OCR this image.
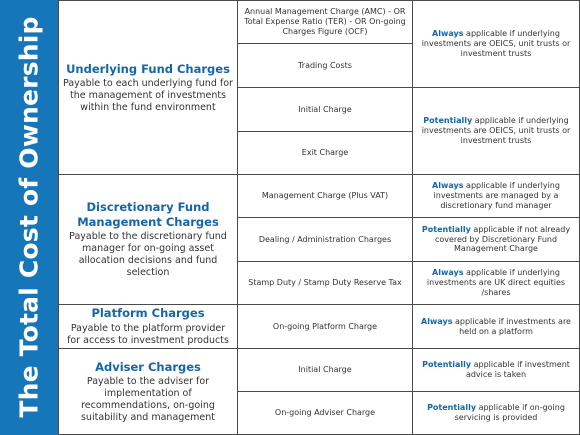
The Total Cost of Ownership Underlying Fund Charges
Payable to each underlying fund for the management of investments within the fund environment	Annual Management Charge (AMC) - OR Total Expense Ratio (TER) - OR On-going Charges Figure (OCF)	Always applicable if underlying investments are OEICS, unit trusts or investment trusts
	Trading Costs	
	Initial Charge	Potentially applicable if underlying investments are OEICS, unit trusts or investment trusts
	Exit Charge	

Discretionary Fund Management Charges
Payable to the discretionary fund manager for on-going asset allocation decisions and fund selection	Management Charge (Plus VAT)	Always applicable if underlying investments are managed by a discretionary fund manager
	Dealing / Administration Charges	Potentially applicable if not already covered by Discretionary Fund Management Charge
	Stamp Duty / Stamp Duty Reserve Tax	Always applicable if underlying investments are UK direct equities /shares

Platform Charges
Payable to the platform provider for access to investment products	On-going Platform Charge	Always applicable if investments are held on a platform

Adviser Charges
Payable to the adviser for implementation of recommendations, on-going suitability and management	Initial Charge	Potentially applicable if investment advice is taken
	On-going Adviser Charge	Potentially applicable if on-going servicing is provided
